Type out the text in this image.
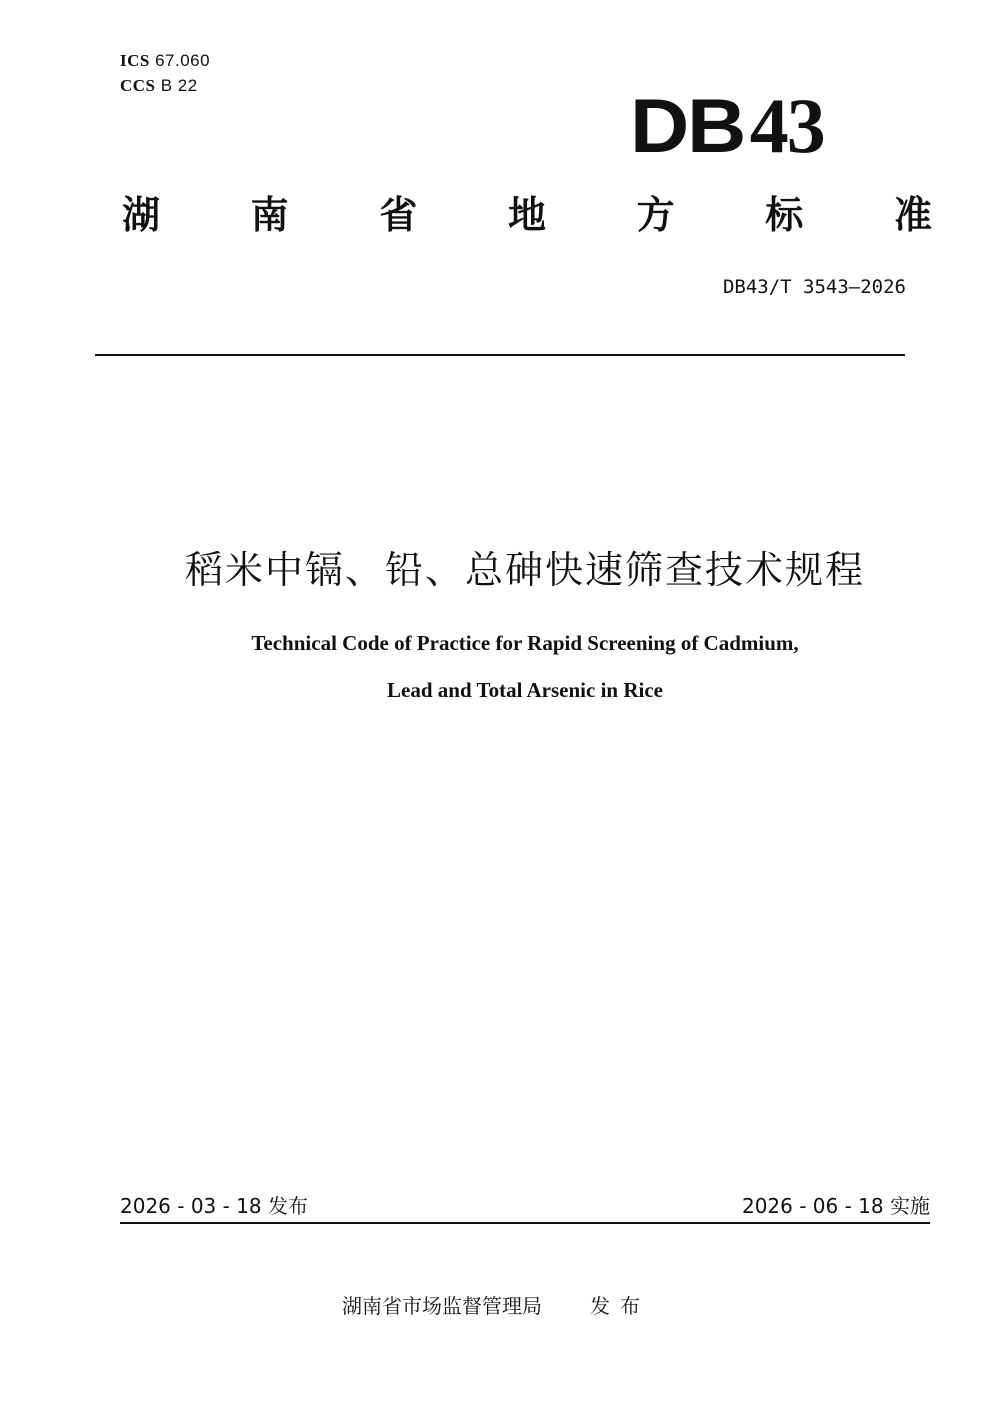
ICS 67.060
CCS B 22	DB43
湖 南 省 地 方 标 准
DB43/T 3543—2026
稻米中镉、铅、总砷快速筛查技术规程
Technical Code of Practice for Rapid Screening of Cadmium,
Lead and Total Arsenic in Rice
2026 - 03 - 18 发布	2026 - 06 - 18 实施
湖南省市场监督管理局 发布
